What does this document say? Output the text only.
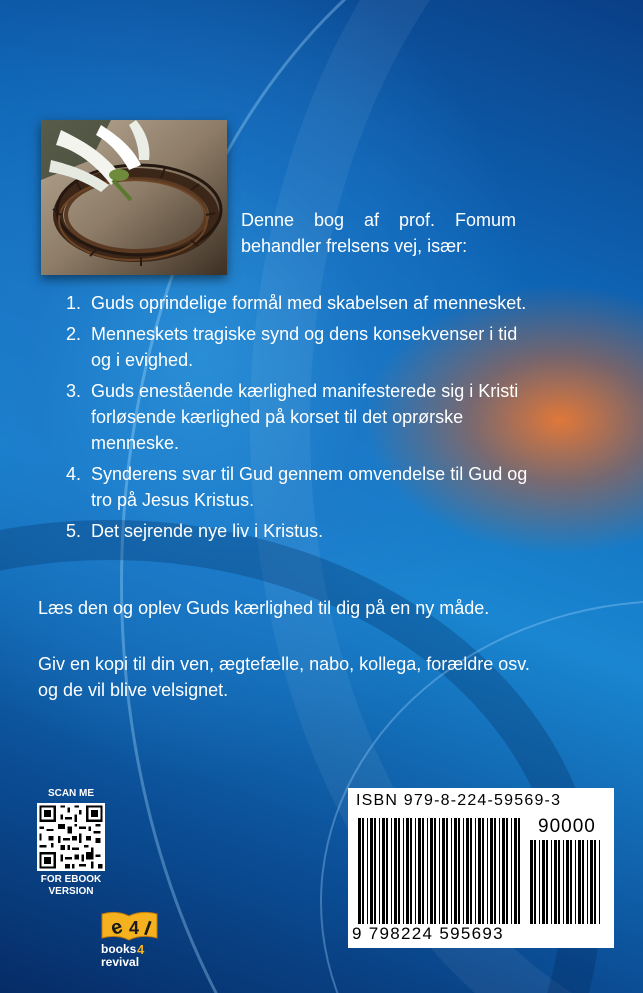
Denne bog af prof. Fomum behandler frelsens vej, især:
1. Guds oprindelige formål med skabelsen af mennesket.
2. Menneskets tragiske synd og dens konsekvenser i tid og i evighed.
3. Guds enestående kærlighed manifesterede sig i Kristi forløsende kærlighed på korset til det oprørske menneske.
4. Synderens svar til Gud gennem omvendelse til Gud og tro på Jesus Kristus.
5. Det sejrende nye liv i Kristus.
Læs den og oplev Guds kærlighed til dig på en ny måde.
Giv en kopi til din ven, ægtefælle, nabo, kollega, forældre osv. og de vil blive velsignet.
SCAN ME
FOR EBOOK
VERSION
e 4 l
books 4
revival
ISBN 979-8-224-59569-3
90000
9 798224 595693
